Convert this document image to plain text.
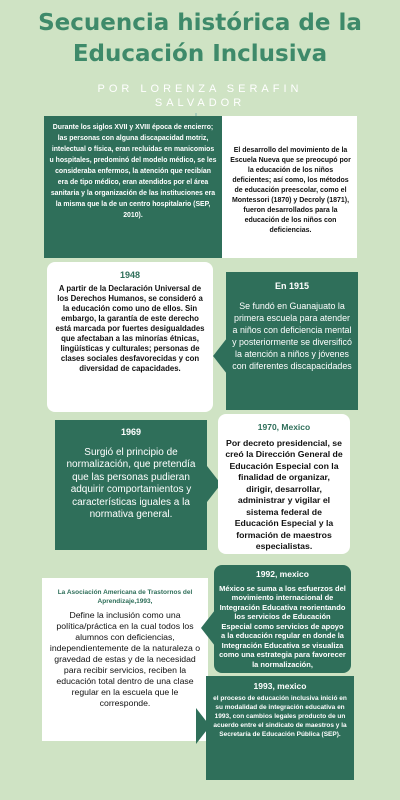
Secuencia histórica de la
Educación Inclusiva
POR LORENZA SERAFIN
SALVADOR
Durante los siglos XVII y XVIII época de encierro; las personas con alguna discapacidad motriz, intelectual o física, eran recluidas en manicomios u hospitales, predominó del modelo médico, se les consideraba enfermos, la atención que recibían era de tipo médico, eran atendidos por el área sanitaria y la organización de las instituciones era la misma que la de un centro hospitalario (SEP, 2010).
El desarrollo del movimiento de la Escuela Nueva que se preocupó por la educación de los niños deficientes; así como, los métodos de educación preescolar, como el Montessori (1870) y Decroly (1871), fueron desarrollados para la educación de los niños con deficiencias.
1948
A partir de la Declaración Universal de los Derechos Humanos, se consideró a la educación como uno de ellos. Sin embargo, la garantía de este derecho está marcada por fuertes desigualdades que afectaban a las minorías étnicas, lingüísticas y culturales; personas de clases sociales desfavorecidas y con diversidad de capacidades.
En 1915
Se fundó en Guanajuato la primera escuela para atender a niños con deficiencia mental y posteriormente se diversificó la atención a niños y jóvenes con diferentes discapacidades
1969
Surgió el principio de normalización, que pretendía que las personas pudieran adquirir comportamientos y características iguales a la normativa general.
1970, Mexico
Por decreto presidencial, se creó la Dirección General de Educación Especial con la finalidad de organizar, dirigir, desarrollar, administrar y vigilar el sistema federal de Educación Especial y la formación de maestros especialistas.
La Asociación Americana de Trastornos del Aprendizaje,1993,
Define la inclusión como una política/práctica en la cual todos los alumnos con deficiencias, independientemente de la naturaleza o gravedad de estas y de la necesidad para recibir servicios, reciben la educación total dentro de una clase regular en la escuela que le corresponde.
1992, mexico
México se suma a los esfuerzos del movimiento internacional de Integración Educativa reorientando los servicios de Educación Especial como servicios de apoyo a la educación regular en donde la Integración Educativa se visualiza como una estrategia para favorecer la normalización,
1993, mexico
el proceso de educación inclusiva inició en su modalidad de integración educativa en 1993, con cambios legales producto de un acuerdo entre el sindicato de maestros y la Secretaría de Educación Pública (SEP).
